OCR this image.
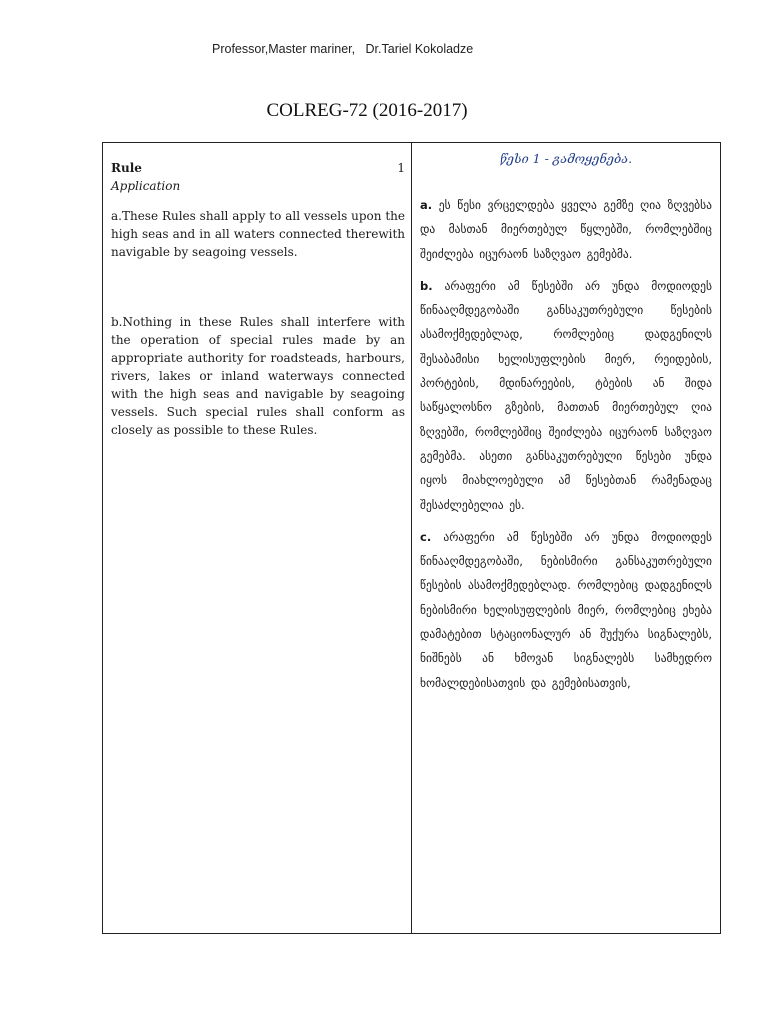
Professor,Master mariner,   Dr.Tariel Kokoladze
COLREG-72 (2016-2017)
Rule	1
Application
a.These Rules shall apply to all vessels upon the high seas and in all waters connected therewith navigable by seagoing vessels.
b.Nothing in these Rules shall interfere with the operation of special rules made by an appropriate authority for roadsteads, harbours, rivers, lakes or inland waterways connected with the high seas and navigable by seagoing vessels. Such special rules shall conform as closely as possible to these Rules.
წესი 1 - გამოყენება.
a. ეს წესი ვრცელდება ყველა გემზე ღია ზღვებსა და მასთან მიერთებულ წყლებში, რომლებშიც შეიძლება იცურაონ საზღვაო გემებმა.
b. არაფერი ამ წესებში არ უნდა მოდიოდეს წინააღმდეგობაში განსაკუთრებული წესების ასამოქმედებლად, რომლებიც დადგენილს შესაბამისი ხელისუფლების მიერ, რეიდების, პორტების, მდინარეების, ტბების ან შიდა საწყალოსნო გზების, მათთან მიერთებულ ღია ზღვებში, რომლებშიც შეიძლება იცურაონ საზღვაო გემებმა. ასეთი განსაკუთრებული წესები უნდა იყოს მიახლოებული ამ წესებთან რამენადაც შესაძლებელია ეს.
c. არაფერი ამ წესებში არ უნდა მოდიოდეს წინააღმდეგობაში, ნებისმირი განსაკუთრებული წესების ასამოქმედებლად. რომლებიც დადგენილს ნებისმირი ხელისუფლების მიერ, რომლებიც ეხება დამატებით სტაციონალურ ან შუქურა სიგნალებს, ნიშნებს ან ხმოვან სიგნალებს სამხედრო ხომალდებისათვის და გემებისათვის,
